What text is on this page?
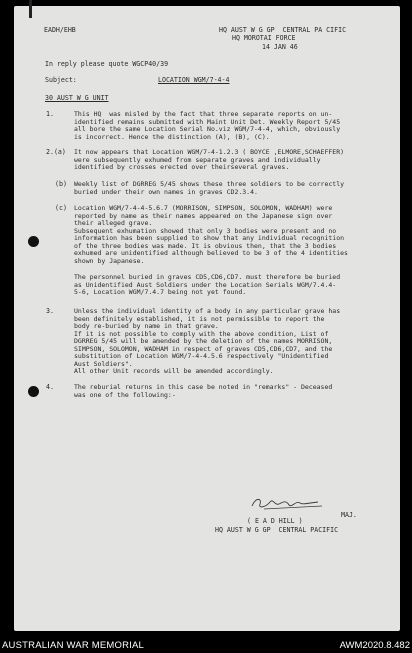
EADH/EHB	HQ AUST W G GP  CENTRAL PA CIFIC
HQ MOROTAI FORCE
14 JAN 46
In reply please quote WGCP40/39
Subject:	LOCATION WGM/7-4-4
30 AUST W G UNIT
1.	This HQ  was misled by the fact that three separate reports on un-
identified remains submitted with Maint Unit Det. Weekly Report 5/45
all bore the same Location Serial No.viz WGM/7-4-4, which, obviously
is incorrect. Hence the distinction (A), (B), (C).
2.(a) It now appears that Location WGM/7-4-1.2.3 ( BOYCE ,ELMORE,SCHAEFFER)
were subsequently exhumed from separate graves and individually
identified by crosses erected over theirseveral graves.
(b) Weekly list of DGRREG 5/45 shows these three soldiers to be correctly
buried under their own names in graves CD2.3.4.
(c) Location WGM/7-4-4-5.6.7 (MORRISON, SIMPSON, SOLOMON, WADHAM) were
reported by name as their names appeared on the Japanese sign over
their alleged grave.
Subsequent exhumation showed that only 3 bodies were present and no
information has been supplied to show that any individual recognition
of the three bodies was made. It is obvious then, that the 3 bodies
exhumed are unidentified although believed to be 3 of the 4 identities
shown by Japanese.
The personnel buried in graves CD5,CD6,CD7. must therefore be buried
as Unidentified Aust Soldiers under the Location Serials WGM/7.4.4-
5-6, Location WGM/7.4.7 being not yet found.
3.	Unless the individual identity of a body in any particular grave has
been definitely established, it is not permissible to report the
body re-buried by name in that grave.
If it is not possible to comply with the above condition, List of
DGRREG 5/45 will be amended by the deletion of the names MORRISON,
SIMPSON, SOLOMON, WADHAM in respect of graves CD5,CD6,CD7, and the
substitution of Location WGM/7-4-4.5.6 respectively "Unidentified
Aust Soldiers".
All other Unit records will be amended accordingly.
4.	The reburial returns in this case be noted in "remarks" - Deceased
was one of the following:-
MAJ.
( E A D HILL )
HQ AUST W G GP  CENTRAL PACIFIC
AUSTRALIAN WAR MEMORIAL	AWM2020.8.482
